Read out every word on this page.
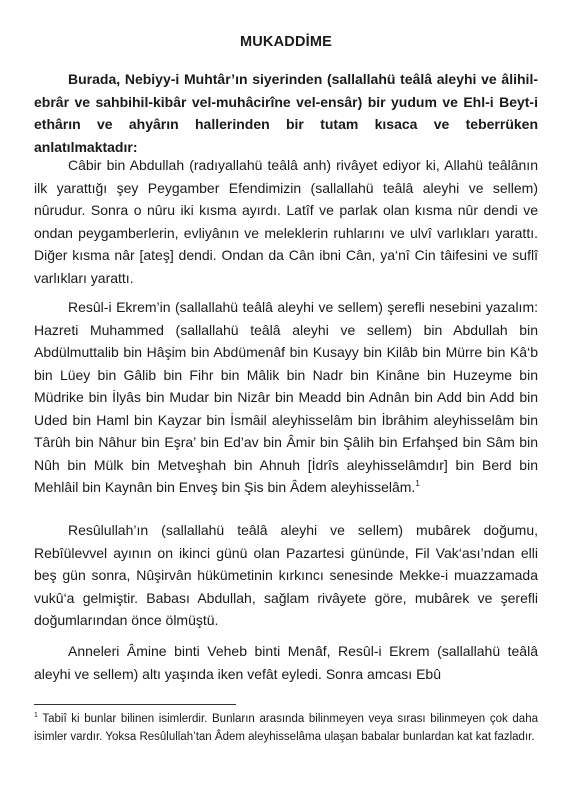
MUKADDİME

Burada, Nebiyy-i Muhtâr’ın siyerinden (sallallahü teâlâ aleyhi ve âlihil-ebrâr ve sahbihil-kibâr vel-muhâcirîne vel-ensâr) bir yudum ve Ehl-i Beyt-i ethârın ve ahyârın hallerinden bir tutam kısaca ve teberrüken anlatılmaktadır:

Câbir bin Abdullah (radıyallahü teâlâ anh) rivâyet ediyor ki, Allahü teâlânın ilk yarattığı şey Peygamber Efendimizin (sallallahü teâlâ aleyhi ve sellem) nûrudur. Sonra o nûru iki kısma ayırdı. Latîf ve parlak olan kısma nûr dendi ve ondan peygamberlerin, evliyânın ve meleklerin ruhlarını ve ulvî varlıkları yarattı. Diğer kısma nâr [ateş] dendi. Ondan da Cân ibni Cân, ya‘nî Cin tâifesini ve suflî varlıkları yarattı.

Resûl-i Ekrem’in (sallallahü teâlâ aleyhi ve sellem) şerefli nesebini yazalım: Hazreti Muhammed (sallallahü teâlâ aleyhi ve sellem) bin Abdullah bin Abdülmuttalib bin Hâşim bin Abdümenâf bin Kusayy bin Kilâb bin Mürre bin Kâ‘b bin Lüey bin Gâlib bin Fihr bin Mâlik bin Nadr bin Kinâne bin Huzeyme bin Müdrike bin İlyâs bin Mudar bin Nizâr bin Meadd bin Adnân bin Add bin Add bin Uded bin Haml bin Kayzar bin İsmâil aleyhisselâm bin İbrâhim aleyhisselâm bin Târûh bin Nâhur bin Eşra’ bin Ed’av bin Âmir bin Şâlih bin Erfahşed bin Sâm bin Nûh bin Mülk bin Metveşhah bin Ahnuh [İdrîs aleyhisselâmdır] bin Berd bin Mehlâil bin Kaynân bin Enveş bin Şis bin Âdem aleyhisselâm.$^1$

Resûlullah’ın (sallallahü teâlâ aleyhi ve sellem) mubârek doğumu, Rebîülevvel ayının on ikinci günü olan Pazartesi gününde, Fil Vak‘ası’ndan elli beş gün sonra, Nûşirvân hükümetinin kırkıncı senesinde Mekke-i muazzamada vukû‘a gelmiştir. Babası Abdullah, sağlam rivâyete göre, mubârek ve şerefli doğumlarından önce ölmüştü.

Anneleri Âmine binti Veheb binti Menâf, Resûl-i Ekrem (sallallahü teâlâ aleyhi ve sellem) altı yaşında iken vefât eyledi. Sonra amcası Ebû

$^1$ Tabiî ki bunlar bilinen isimlerdir. Bunların arasında bilinmeyen veya sırası bilinmeyen çok daha isimler vardır. Yoksa Resûlullah’tan Âdem aleyhisselâma ulaşan babalar bunlardan kat kat fazladır.
